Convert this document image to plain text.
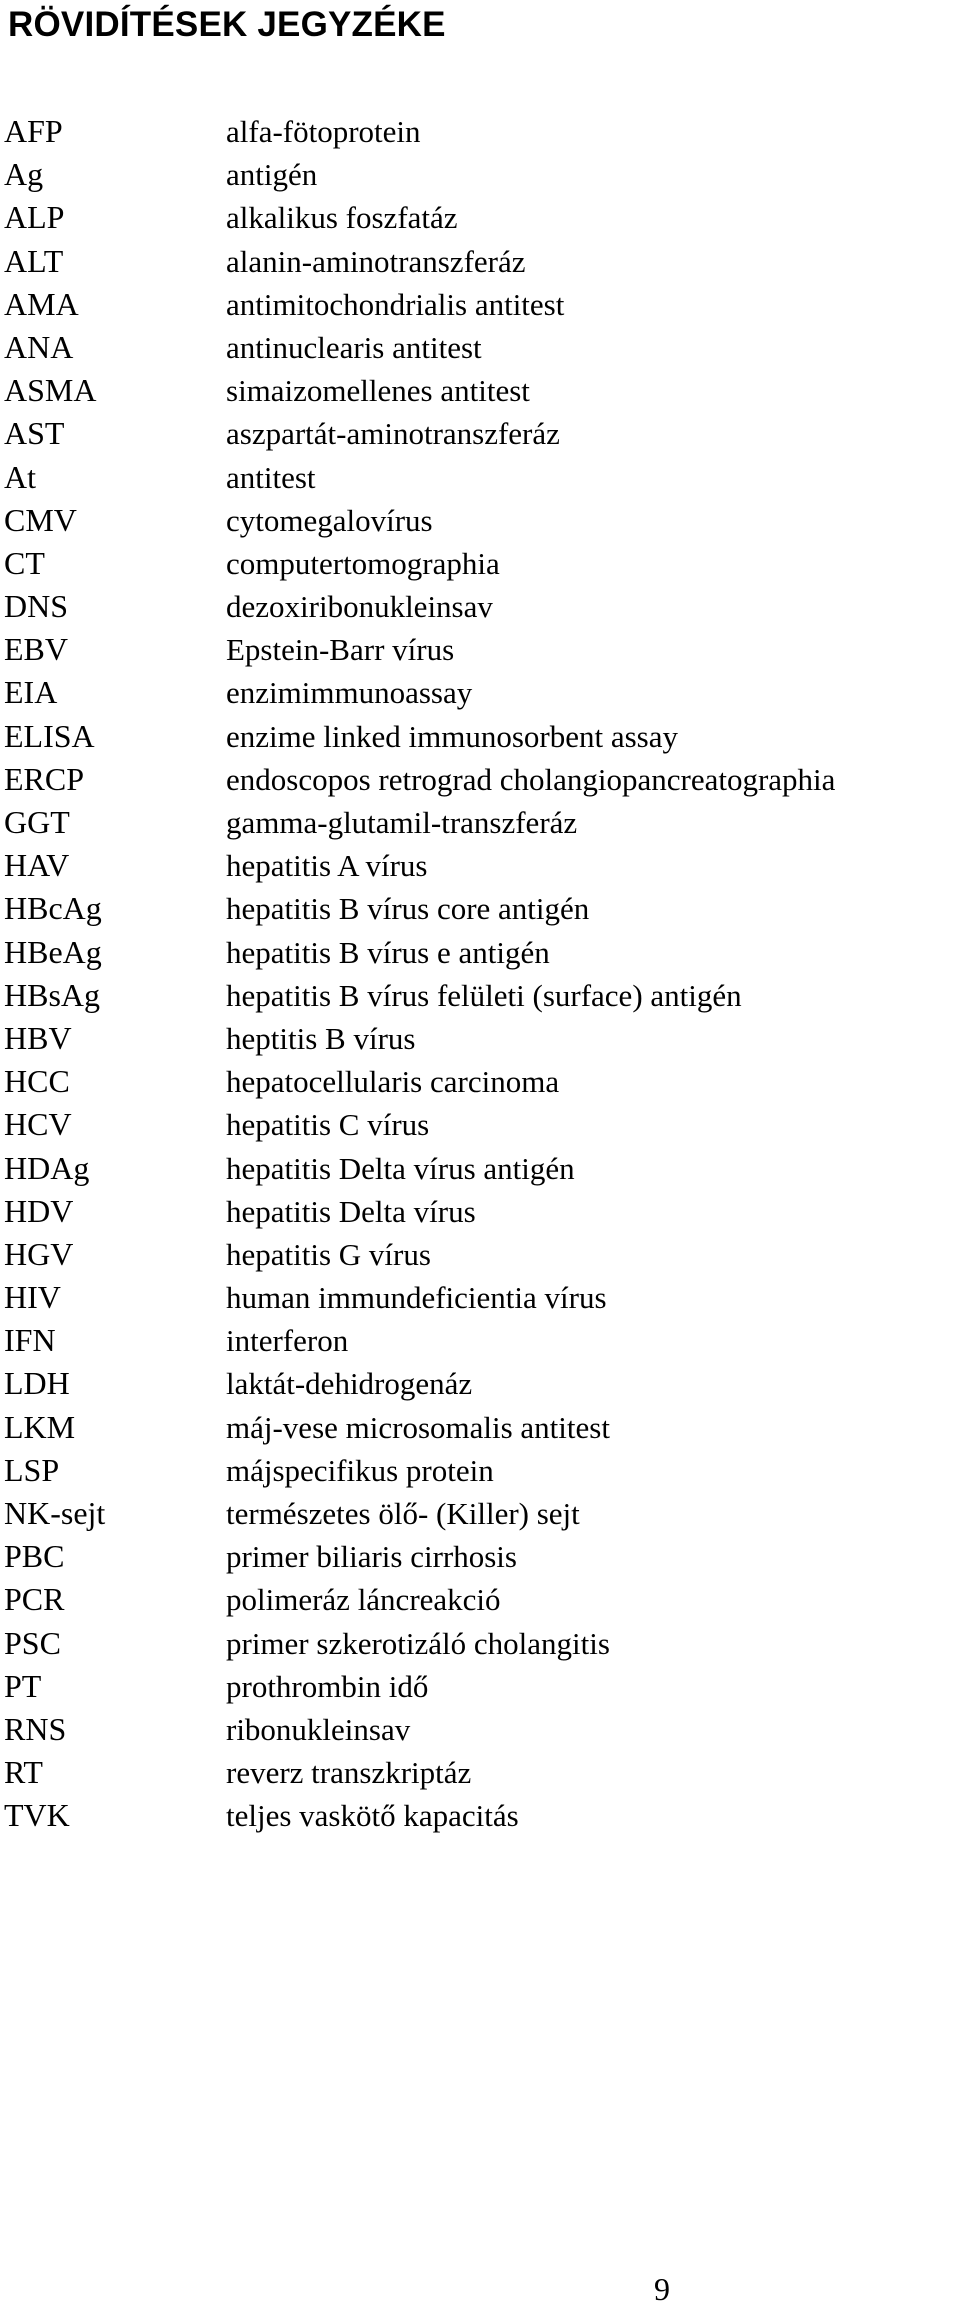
RÖVIDÍTÉSEK JEGYZÉKE
AFP	alfa-fötoprotein
Ag	antigén
ALP	alkalikus foszfatáz
ALT	alanin-aminotranszferáz
AMA	antimitochondrialis antitest
ANA	antinuclearis antitest
ASMA	simaizomellenes antitest
AST	aszpartát-aminotranszferáz
At	antitest
CMV	cytomegalovírus
CT	computertomographia
DNS	dezoxiribonukleinsav
EBV	Epstein-Barr vírus
EIA	enzimimmunoassay
ELISA	enzime linked immunosorbent assay
ERCP	endoscopos retrograd cholangiopancreatographia
GGT	gamma-glutamil-transzferáz
HAV	hepatitis A vírus
HBcAg	hepatitis B vírus core antigén
HBeAg	hepatitis B vírus e antigén
HBsAg	hepatitis B vírus felületi (surface) antigén
HBV	heptitis B vírus
HCC	hepatocellularis carcinoma
HCV	hepatitis C vírus
HDAg	hepatitis Delta vírus antigén
HDV	hepatitis Delta vírus
HGV	hepatitis G vírus
HIV	human immundeficientia vírus
IFN	interferon
LDH	laktát-dehidrogenáz
LKM	máj-vese microsomalis antitest
LSP	májspecifikus protein
NK-sejt	természetes ölő- (Killer) sejt
PBC	primer biliaris cirrhosis
PCR	polimeráz láncreakció
PSC	primer szkerotizáló cholangitis
PT	prothrombin idő
RNS	ribonukleinsav
RT	reverz transzkriptáz
TVK	teljes vaskötő kapacitás
9
